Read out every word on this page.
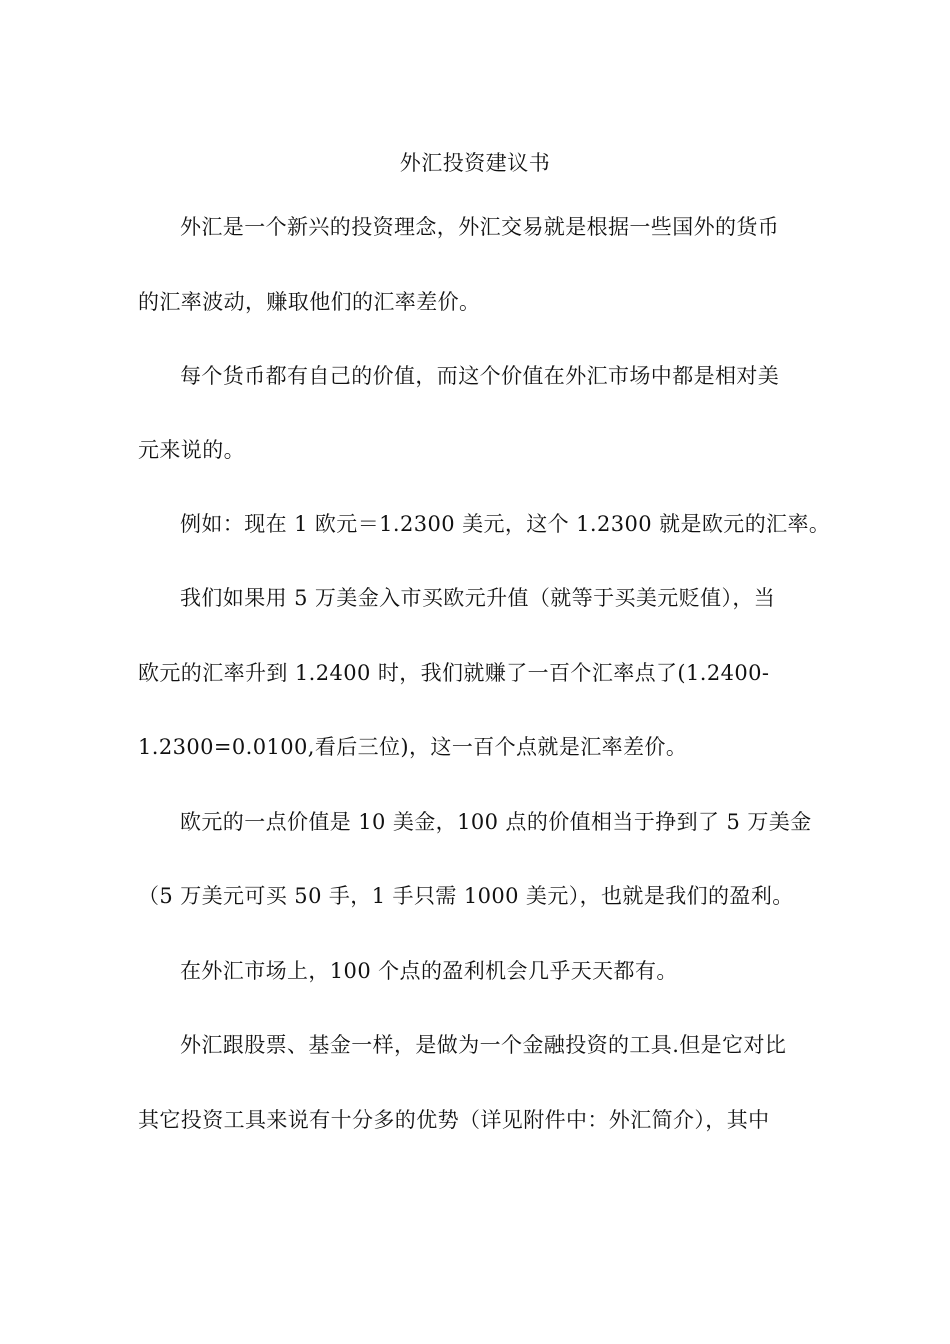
外汇投资建议书
外汇是一个新兴的投资理念，外汇交易就是根据一些国外的货币
的汇率波动，赚取他们的汇率差价。
每个货币都有自己的价值，而这个价值在外汇市场中都是相对美
元来说的。
例如：现在 1 欧元＝1.2300 美元，这个 1.2300 就是欧元的汇率。
我们如果用 5 万美金入市买欧元升值（就等于买美元贬值），当
欧元的汇率升到 1.2400 时，我们就赚了一百个汇率点了(1.2400-
1.2300=0.0100,看后三位)，这一百个点就是汇率差价。
欧元的一点价值是 10 美金，100 点的价值相当于挣到了 5 万美金
（5 万美元可买 50 手，1 手只需 1000 美元），也就是我们的盈利。
在外汇市场上，100 个点的盈利机会几乎天天都有。
外汇跟股票、基金一样，是做为一个金融投资的工具.但是它对比
其它投资工具来说有十分多的优势（详见附件中：外汇简介），其中
